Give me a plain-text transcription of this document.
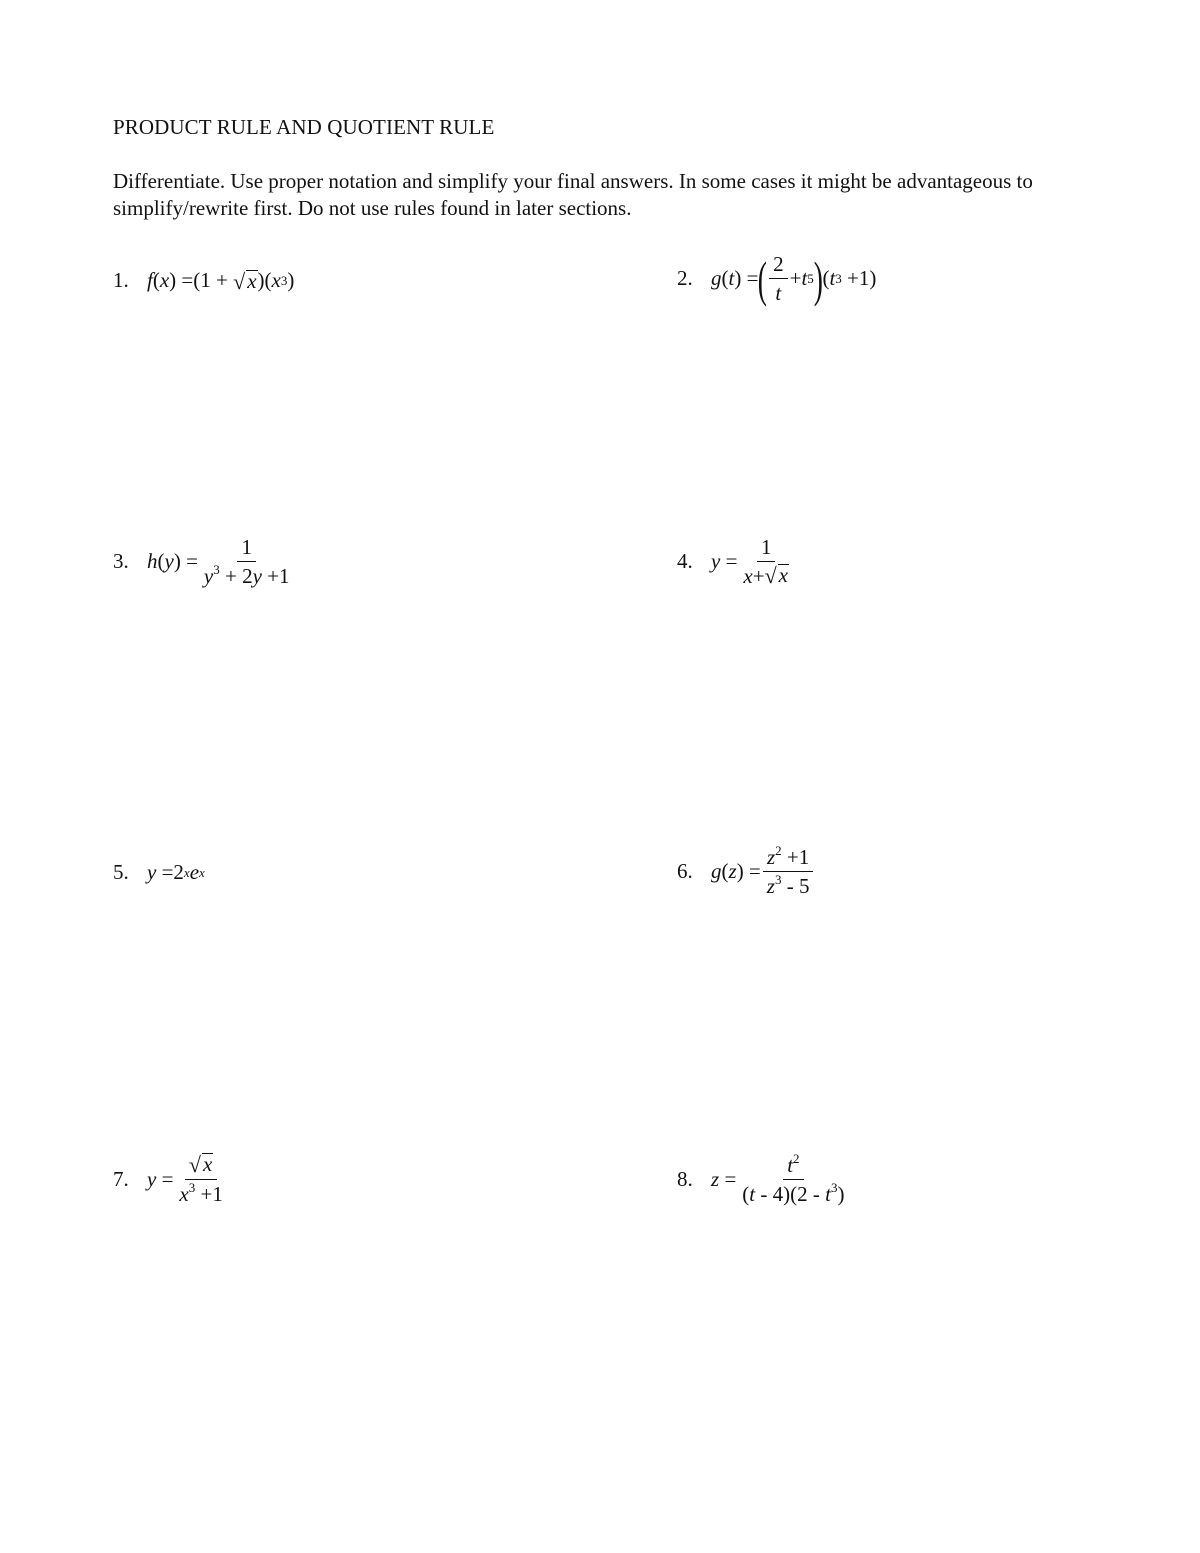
PRODUCT RULE AND QUOTIENT RULE
Differentiate. Use proper notation and simplify your final answers. In some cases it might be advantageous to simplify/rewrite first. Do not use rules found in later sections.
1. f ( x ) =(1 + √ x )( x 3 )	2. g ( t ) = ( $\frac{2}{t} + t$ 5 ) ( t 3 +1)
3. h ( y ) = $\frac{1}{y^3 + 2y +1}$	4. $y = \frac{1}{x+ √ x}$
5. y =2 x e x	6. g ( z ) = $\frac{z^2 +1}{z^3 - 5}$
7. $y = \frac{√ x}{x^3 +1}$	8. $z = \frac{t^2}{(t - 4)(2 - t^3)}$
